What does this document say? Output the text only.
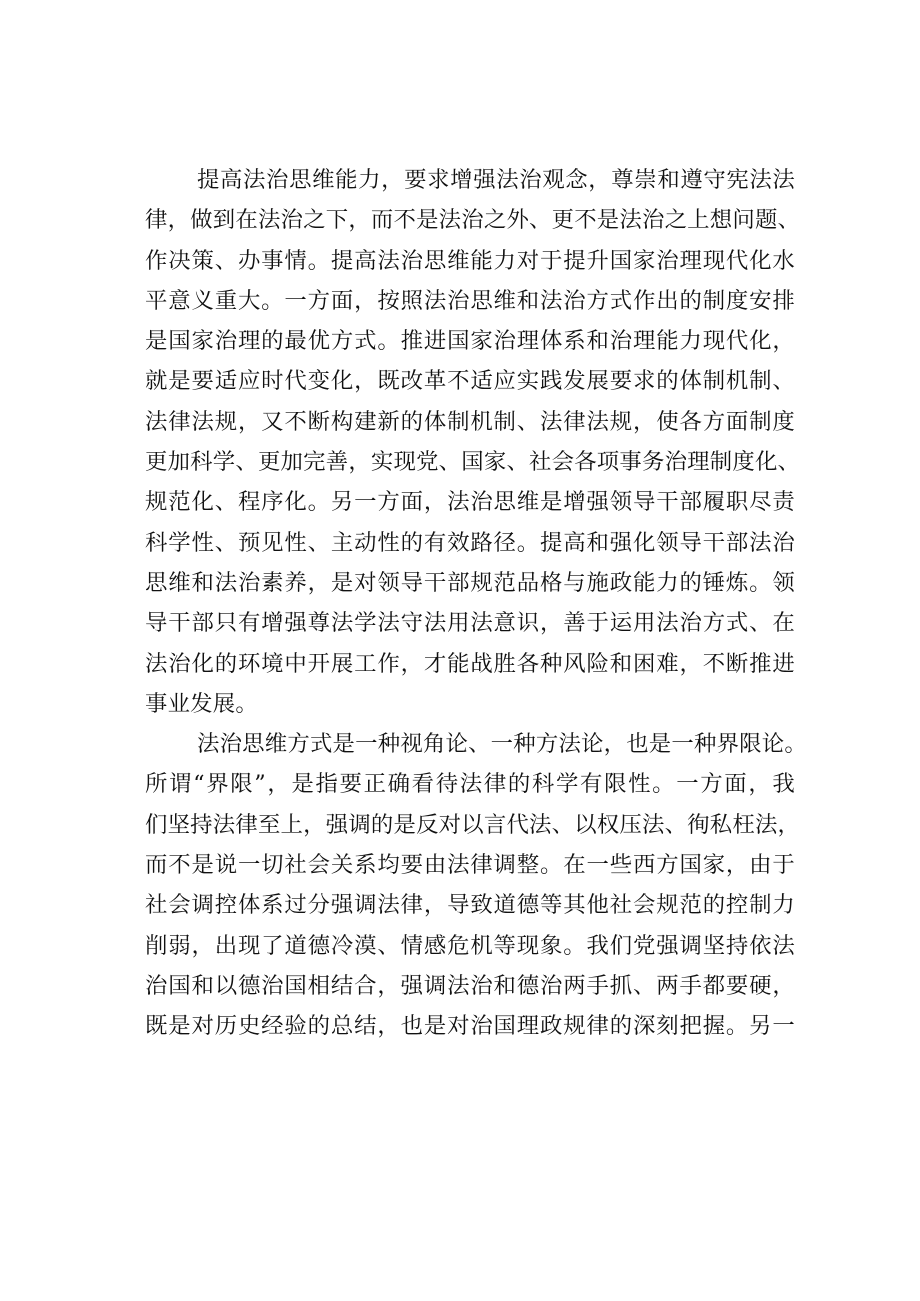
提高法治思维能力，要求增强法治观念，尊崇和遵守宪法法
律，做到在法治之下，而不是法治之外、更不是法治之上想问题、
作决策、办事情。提高法治思维能力对于提升国家治理现代化水
平意义重大。一方面，按照法治思维和法治方式作出的制度安排
是国家治理的最优方式。推进国家治理体系和治理能力现代化，
就是要适应时代变化，既改革不适应实践发展要求的体制机制、
法律法规，又不断构建新的体制机制、法律法规，使各方面制度
更加科学、更加完善，实现党、国家、社会各项事务治理制度化、
规范化、程序化。另一方面，法治思维是增强领导干部履职尽责
科学性、预见性、主动性的有效路径。提高和强化领导干部法治
思维和法治素养，是对领导干部规范品格与施政能力的锤炼。领
导干部只有增强尊法学法守法用法意识，善于运用法治方式、在
法治化的环境中开展工作，才能战胜各种风险和困难，不断推进
事业发展。
法治思维方式是一种视角论、一种方法论，也是一种界限论。
所谓“界限”，是指要正确看待法律的科学有限性。一方面，我
们坚持法律至上，强调的是反对以言代法、以权压法、徇私枉法，
而不是说一切社会关系均要由法律调整。在一些西方国家，由于
社会调控体系过分强调法律，导致道德等其他社会规范的控制力
削弱，出现了道德冷漠、情感危机等现象。我们党强调坚持依法
治国和以德治国相结合，强调法治和德治两手抓、两手都要硬，
既是对历史经验的总结，也是对治国理政规律的深刻把握。另一
